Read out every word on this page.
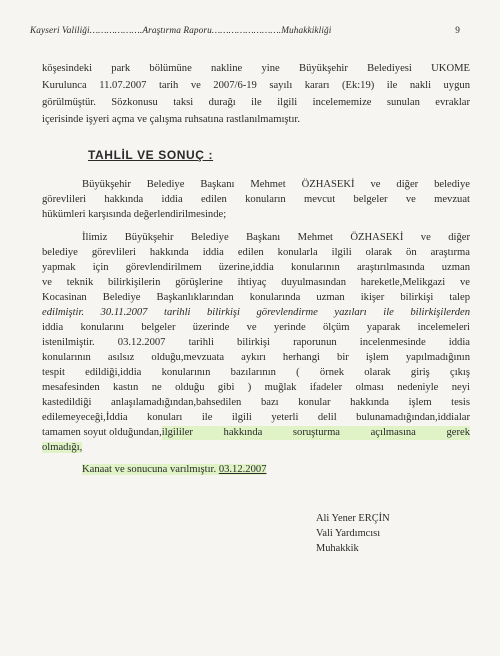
Kayseri Valiliği……………….Araştırma Raporu…………………….Muhakkikliği	9
köşesindeki park bölümüne nakline yine Büyükşehir Belediyesi UKOME
Kurulunca 11.07.2007 tarih ve 2007/6-19 sayılı kararı (Ek:19) ile nakli uygun
görülmüştür. Sözkonusu taksi durağı ile ilgili incelememize sunulan evraklar
içerisinde işyeri açma ve çalışma ruhsatına rastlanılmamıştır.
TAHLİL VE SONUÇ :
Büyükşehir Belediye Başkanı Mehmet ÖZHASEKİ ve diğer belediye
görevlileri hakkında iddia edilen konuların mevcut belgeler ve mevzuat
hükümleri karşısında değerlendirilmesinde;
İlimiz Büyükşehir Belediye Başkanı Mehmet ÖZHASEKİ ve diğer
belediye görevlileri hakkında iddia edilen konularla ilgili olarak ön araştırma
yapmak için görevlendirilmem üzerine,iddia konularının araştırılmasında uzman
ve teknik bilirkişilerin görüşlerine ihtiyaç duyulmasından hareketle,Melikgazi ve
Kocasinan Belediye Başkanlıklarından konularında uzman ikişer bilirkişi talep
edilmiştir. 30.11.2007 tarihli bilirkişi görevlendirme yazıları ile bilirkişilerden
iddia konularını belgeler üzerinde ve yerinde ölçüm yaparak incelemeleri
istenilmiştir. 03.12.2007 tarihli bilirkişi raporunun incelenmesinde iddia
konularının asılsız olduğu,mevzuata aykırı herhangi bir işlem yapılmadığının
tespit edildiği,iddia konularının bazılarının ( örnek olarak giriş çıkış
mesafesinden kastın ne olduğu gibi ) muğlak ifadeler olması nedeniyle neyi
kastedildiği anlaşılamadığından,bahsedilen bazı konular hakkında işlem tesis
edilemeyeceği,İddia konuları ile ilgili yeterli delil bulunamadığından,iddialar
tamamen soyut olduğundan, ilgililer hakkında soruşturma açılmasına gerek
olmadığı,
Kanaat ve sonucuna varılmıştır. 03.12.2007
Ali Yener ERÇİN
Vali Yardımcısı
Muhakkik
